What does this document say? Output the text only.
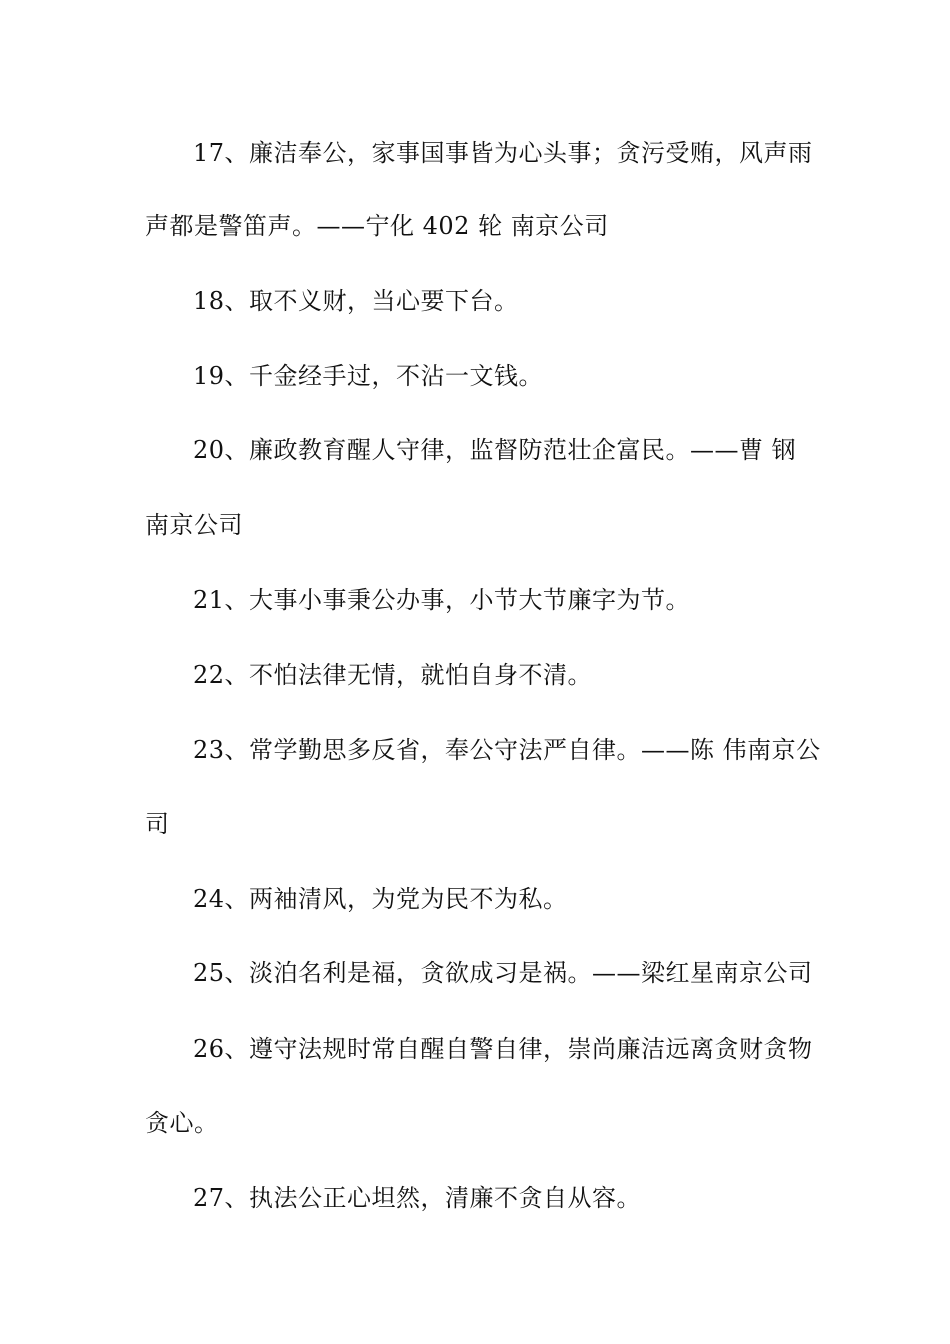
17、廉洁奉公，家事国事皆为心头事；贪污受贿，风声雨
声都是警笛声。——宁化 402 轮 南京公司
18、取不义财，当心要下台。
19、千金经手过，不沾一文钱。
20、廉政教育醒人守律，监督防范壮企富民。——曹 钢
南京公司
21、大事小事秉公办事，小节大节廉字为节。
22、不怕法律无情，就怕自身不清。
23、常学勤思多反省，奉公守法严自律。——陈 伟南京公
司
24、两袖清风，为党为民不为私。
25、淡泊名利是福，贪欲成习是祸。——梁红星南京公司
26、遵守法规时常自醒自警自律，崇尚廉洁远离贪财贪物
贪心。
27、执法公正心坦然，清廉不贪自从容。
